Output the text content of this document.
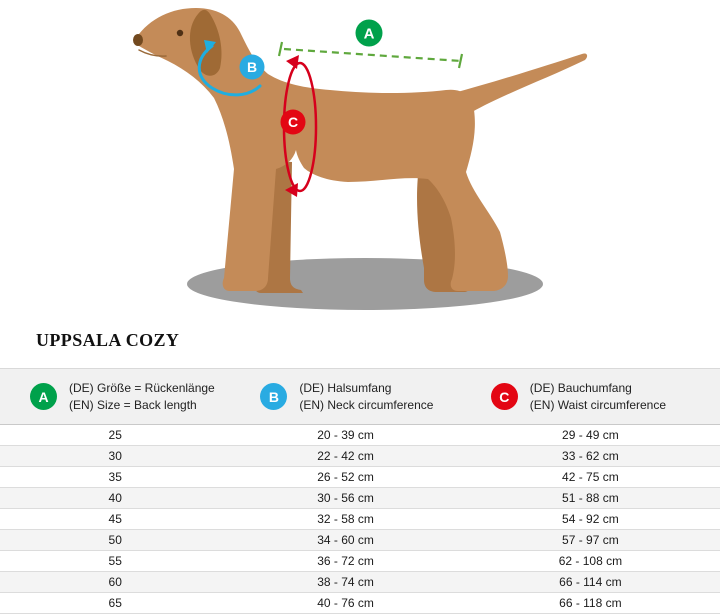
A
B
C
UPPSALA COZY
A
(DE) Größe = Rückenlänge
(EN) Size = Back length	B
(DE) Halsumfang
(EN) Neck circumference	C
(DE) Bauchumfang
(EN) Waist circumference

25	20 - 39 cm	29 - 49 cm
30	22 - 42 cm	33 - 62 cm
35	26 - 52 cm	42 - 75 cm
40	30 - 56 cm	51 - 88 cm
45	32 - 58 cm	54 - 92 cm
50	34 - 60 cm	57 - 97 cm
55	36 - 72 cm	62 - 108 cm
60	38 - 74 cm	66 - 114 cm
65	40 - 76 cm	66 - 118 cm
